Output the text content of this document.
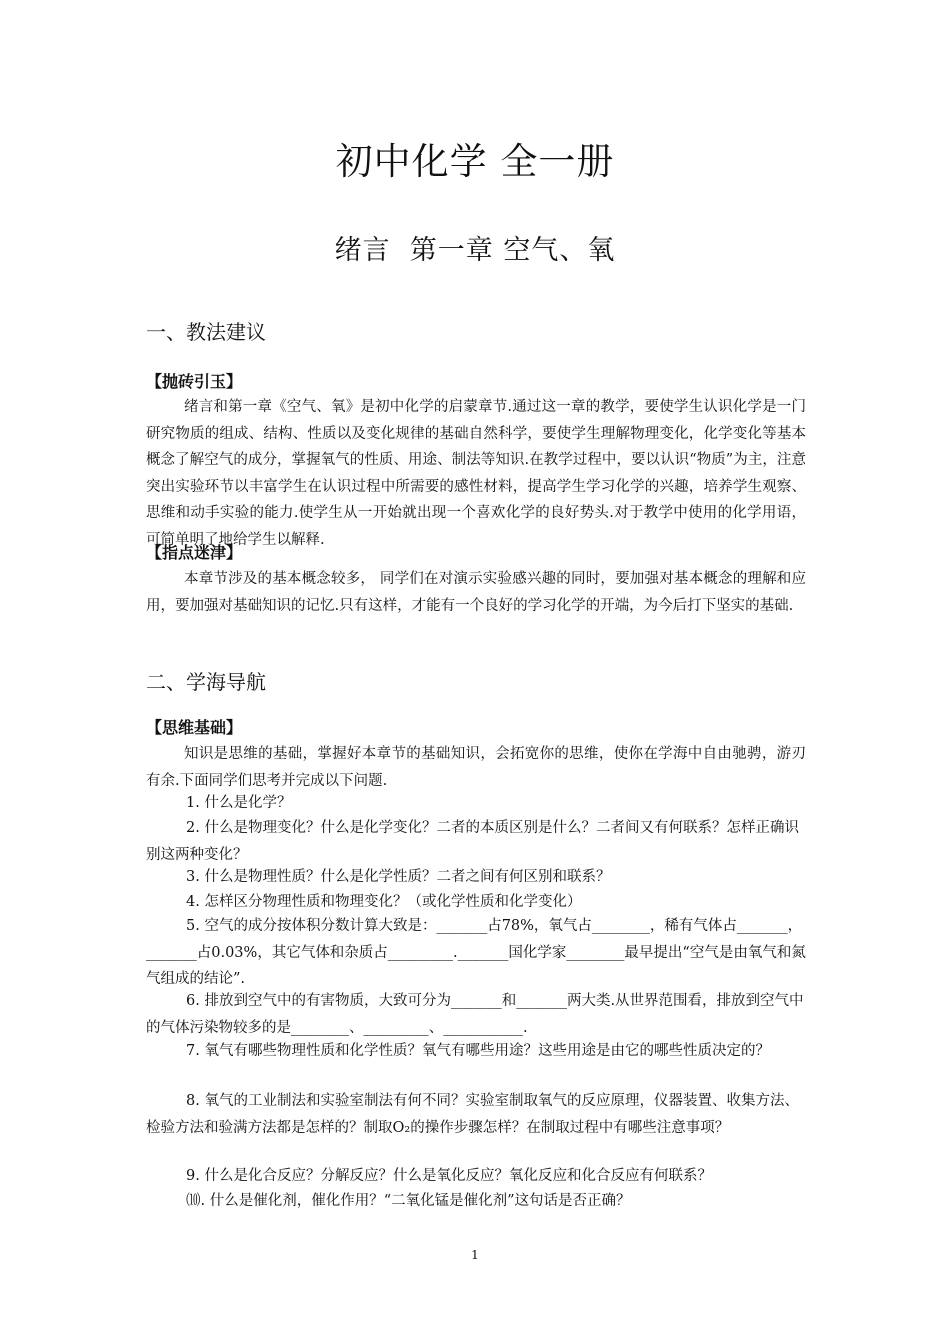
初中化学 全一册
绪言  第一章 空气、氧
一、教法建议
【抛砖引玉】

绪言和第一章《空气、氧》是初中化学的启蒙章节.通过这一章的教学，要使学生认识化学是一门研究物质的组成、结构、性质以及变化规律的基础自然科学，要使学生理解物理变化，化学变化等基本概念了解空气的成分，掌握氧气的性质、用途、制法等知识.在教学过程中，要以认识“物质”为主，注意突出实验环节以丰富学生在认识过程中所需要的感性材料，提高学生学习化学的兴趣，培养学生观察、思维和动手实验的能力.使学生从一开始就出现一个喜欢化学的良好势头.对于教学中使用的化学用语，可简单明了地给学生以解释.

【指点迷津】

本章节涉及的基本概念较多， 同学们在对演示实验感兴趣的同时，要加强对基本概念的理解和应用，要加强对基础知识的记忆.只有这样，才能有一个良好的学习化学的开端，为今后打下坚实的基础.

二、学海导航
【思维基础】

知识是思维的基础，掌握好本章节的基础知识，会拓宽你的思维，使你在学海中自由驰骋，游刃有余.下面同学们思考并完成以下问题.

1. 什么是化学？

2. 什么是物理变化？什么是化学变化？二者的本质区别是什么？二者间又有何联系？怎样正确识别这两种变化？

3. 什么是物理性质？什么是化学性质？二者之间有何区别和联系？

4. 怎样区分物理性质和物理变化？（或化学性质和化学变化）

5. 空气的成分按体积分数计算大致是：_______占78%，氧气占________，稀有气体占_______，_______占0.03%，其它气体和杂质占_________._______国化学家________最早提出“空气是由氧气和氮气组成的结论”.

6. 排放到空气中的有害物质，大致可分为_______和_______两大类.从世界范围看，排放到空气中的气体污染物较多的是________、_________、___________.

7. 氧气有哪些物理性质和化学性质？氧气有哪些用途？这些用途是由它的哪些性质决定的？

8. 氧气的工业制法和实验室制法有何不同？实验室制取氧气的反应原理，仪器装置、收集方法、检验方法和验满方法都是怎样的？制取O₂的操作步骤怎样？在制取过程中有哪些注意事项？

9. 什么是化合反应？分解反应？什么是氧化反应？氧化反应和化合反应有何联系？

⑽. 什么是催化剂，催化作用？“二氧化锰是催化剂”这句话是否正确？

1
